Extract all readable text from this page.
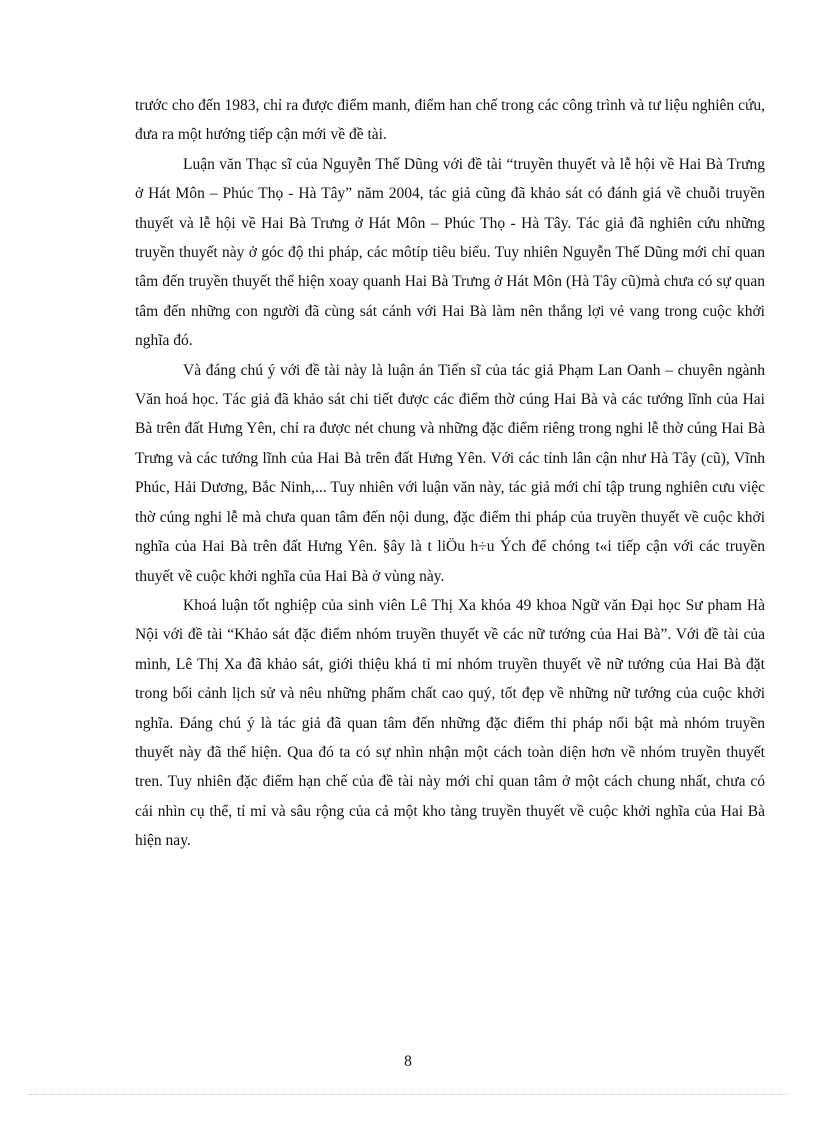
trước cho đến 1983, chỉ ra được điểm manh, điểm han chế trong các công trình và tư liệu nghiên cứu, đưa ra một hướng tiếp cận mới về đề tài.

Luận văn Thạc sĩ của Nguyễn Thế Dũng với đề tài “truyền thuyết và lễ hội về Hai Bà Trưng ở Hát Môn – Phúc Thọ - Hà Tây” năm 2004, tác giả cũng đã khảo sát có đánh giá về chuỗi truyền thuyết và lễ hội về Hai Bà Trưng ở Hát Môn – Phúc Thọ - Hà Tây. Tác giả đã nghiên cứu những truyền thuyết này ở góc độ thi pháp, các môtíp tiêu biểu. Tuy nhiên Nguyễn Thế Dũng mới chỉ quan tâm đến truyền thuyết thể hiện xoay quanh Hai Bà Trưng ở Hát Môn (Hà Tây cũ)mà chưa có sự quan tâm đến những con người đã cùng sát cánh với Hai Bà làm nên thắng lợi vẻ vang trong cuộc khởi nghĩa đó.

Và đáng chú ý với đề tài này là luận án Tiến sĩ của tác giả Phạm Lan Oanh – chuyên ngành Văn hoá học. Tác giả đã khảo sát chi tiết được các điểm thờ cúng Hai Bà và các tướng lĩnh của Hai Bà trên đất Hưng Yên, chỉ ra được nét chung và những đặc điểm riêng trong nghi lễ thờ cúng Hai Bà Trưng và các tướng lĩnh của Hai Bà trên đất Hưng Yên. Với các tỉnh lân cận như Hà Tây (cũ), Vĩnh Phúc, Hải Dương, Bắc Ninh,... Tuy nhiên với luận văn này, tác giả mới chỉ tập trung nghiên cưu việc thờ cúng nghi lễ mà chưa quan tâm đến nội dung, đặc điểm thi pháp của truyền thuyết về cuộc khởi nghĩa của Hai Bà trên đất Hưng Yên. §ây là t liÖu h÷u Ých để chóng t«i tiếp cận với các truyền thuyết về cuộc khởi nghĩa của Hai Bà ở vùng này.

Khoá luận tốt nghiệp của sinh viên Lê Thị Xa khóa 49 khoa Ngữ văn Đại học Sư pham Hà Nội với đề tài “Khảo sát đặc điểm nhóm truyền thuyết về các nữ tướng của Hai Bà”. Với đề tài của mình, Lê Thị Xa đã khảo sát, giới thiệu khá tỉ mỉ nhóm truyền thuyết về nữ tướng của Hai Bà đặt trong bối cảnh lịch sử và nêu những phẩm chất cao quý, tốt đẹp về những nữ tướng của cuộc khởi nghĩa. Đáng chú ý là tác giả đã quan tâm đến những đặc điểm thi pháp nổi bật mà nhóm truyền thuyết này đã thể hiện. Qua đó ta có sự nhìn nhận một cách toàn diện hơn về nhóm truyền thuyết tren. Tuy nhiên đặc điểm hạn chế của đề tài này mới chỉ quan tâm ở một cách chung nhất, chưa có cái nhìn cụ thể, tỉ mỉ và sâu rộng của cả một kho tàng truyền thuyết về cuộc khởi nghĩa của Hai Bà hiện nay.

8
